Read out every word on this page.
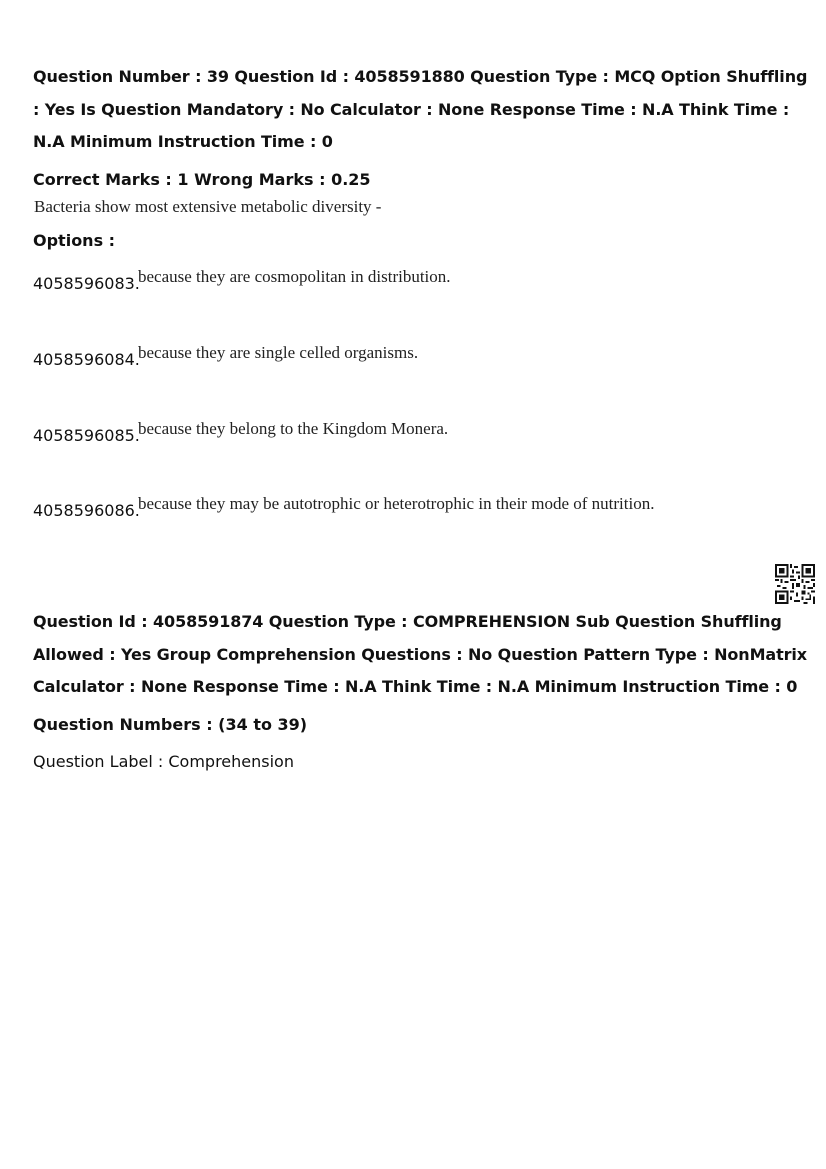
Question Number : 39 Question Id : 4058591880 Question Type : MCQ Option Shuffling : Yes Is Question Mandatory : No Calculator : None Response Time : N.A Think Time : N.A Minimum Instruction Time : 0
Correct Marks : 1 Wrong Marks : 0.25
Bacteria show most extensive metabolic diversity -
Options :
4058596083.
because they are cosmopolitan in distribution.
4058596084.
because they are single celled organisms.
4058596085.
because they belong to the Kingdom Monera.
4058596086.
because they may be autotrophic or heterotrophic in their mode of nutrition.
Question Id : 4058591874 Question Type : COMPREHENSION Sub Question Shuffling Allowed : Yes Group Comprehension Questions : No Question Pattern Type : NonMatrix Calculator : None Response Time : N.A Think Time : N.A Minimum Instruction Time : 0
Question Numbers : (34 to 39)
Question Label : Comprehension
